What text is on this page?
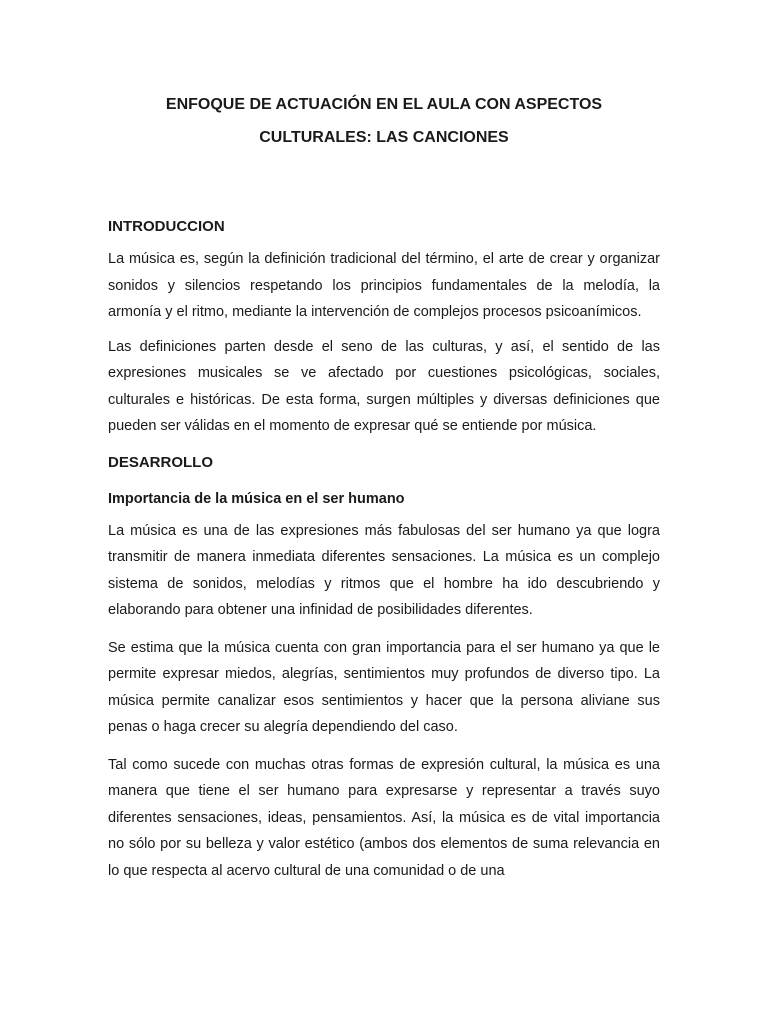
ENFOQUE DE ACTUACIÓN EN EL AULA CON ASPECTOS
CULTURALES: LAS CANCIONES
INTRODUCCION

La música es, según la definición tradicional del término, el arte de crear y organizar sonidos y silencios respetando los principios fundamentales de la melodía, la armonía y el ritmo, mediante la intervención de complejos procesos psicoanímicos.

Las definiciones parten desde el seno de las culturas, y así, el sentido de las expresiones musicales se ve afectado por cuestiones psicológicas, sociales, culturales e históricas. De esta forma, surgen múltiples y diversas definiciones que pueden ser válidas en el momento de expresar qué se entiende por música.

DESARROLLO
Importancia de la música en el ser humano

La música es una de las expresiones más fabulosas del ser humano ya que logra transmitir de manera inmediata diferentes sensaciones. La música es un complejo sistema de sonidos, melodías y ritmos que el hombre ha ido descubriendo y elaborando para obtener una infinidad de posibilidades diferentes.

Se estima que la música cuenta con gran importancia para el ser humano ya que le permite expresar miedos, alegrías, sentimientos muy profundos de diverso tipo. La música permite canalizar esos sentimientos y hacer que la persona aliviane sus penas o haga crecer su alegría dependiendo del caso.

Tal como sucede con muchas otras formas de expresión cultural, la música es una manera que tiene el ser humano para expresarse y representar a través suyo diferentes sensaciones, ideas, pensamientos. Así, la música es de vital importancia no sólo por su belleza y valor estético (ambos dos elementos de suma relevancia en lo que respecta al acervo cultural de una comunidad o de una
